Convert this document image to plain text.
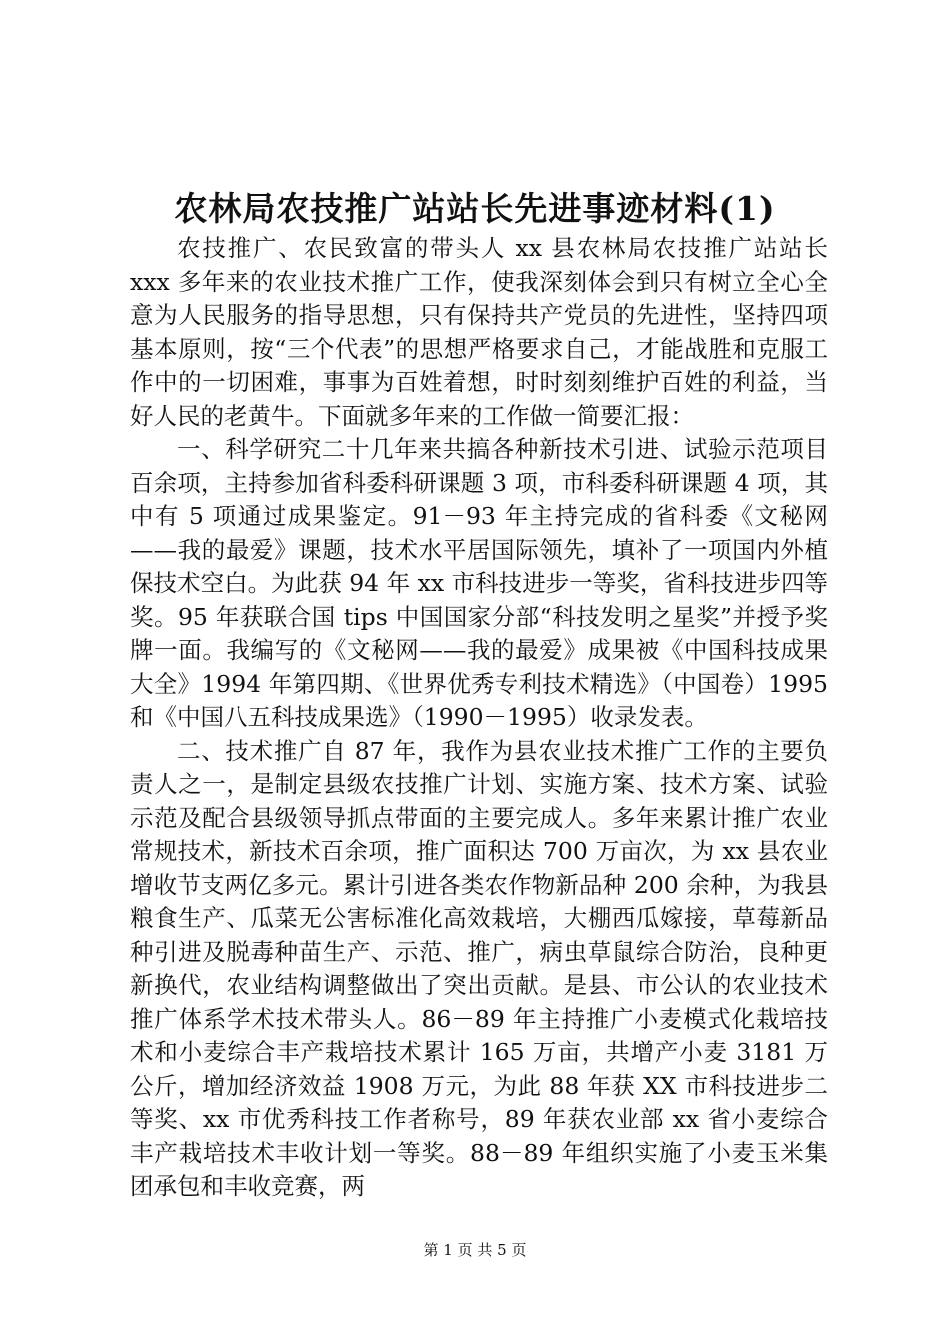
农林局农技推广站站长先进事迹材料(1)

农技推广、农民致富的带头人 xx 县农林局农技推广站站长 xxx 多年来的农业技术推广工作，使我深刻体会到只有树立全心全意为人民服务的指导思想，只有保持共产党员的先进性，坚持四项基本原则，按“三个代表”的思想严格要求自己，才能战胜和克服工作中的一切困难，事事为百姓着想，时时刻刻维护百姓的利益，当好人民的老黄牛。下面就多年来的工作做一简要汇报：

一、科学研究二十几年来共搞各种新技术引进、试验示范项目百余项，主持参加省科委科研课题 3 项，市科委科研课题 4 项，其中有 5 项通过成果鉴定。91－93 年主持完成的省科委《文秘网——我的最爱》课题，技术水平居国际领先，填补了一项国内外植保技术空白。为此获 94 年 xx 市科技进步一等奖，省科技进步四等奖。95 年获联合国 tips 中国国家分部“科技发明之星奖”并授予奖牌一面。我编写的《文秘网——我的最爱》成果被《中国科技成果大全》1994 年第四期、《世界优秀专利技术精选》（中国卷）1995 和《中国八五科技成果选》（1990－1995）收录发表。

二、技术推广自 87 年，我作为县农业技术推广工作的主要负责人之一，是制定县级农技推广计划、实施方案、技术方案、试验示范及配合县级领导抓点带面的主要完成人。多年来累计推广农业常规技术，新技术百余项，推广面积达 700 万亩次，为 xx 县农业增收节支两亿多元。累计引进各类农作物新品种 200 余种，为我县粮食生产、瓜菜无公害标准化高效栽培，大棚西瓜嫁接，草莓新品种引进及脱毒种苗生产、示范、推广，病虫草鼠综合防治，良种更新换代，农业结构调整做出了突出贡献。是县、市公认的农业技术推广体系学术技术带头人。86－89 年主持推广小麦模式化栽培技术和小麦综合丰产栽培技术累计 165 万亩，共增产小麦 3181 万公斤，增加经济效益 1908 万元，为此 88 年获 XX 市科技进步二等奖、xx 市优秀科技工作者称号，89 年获农业部 xx 省小麦综合丰产栽培技术丰收计划一等奖。88－89 年组织实施了小麦玉米集团承包和丰收竞赛，两

第 1 页 共 5 页
